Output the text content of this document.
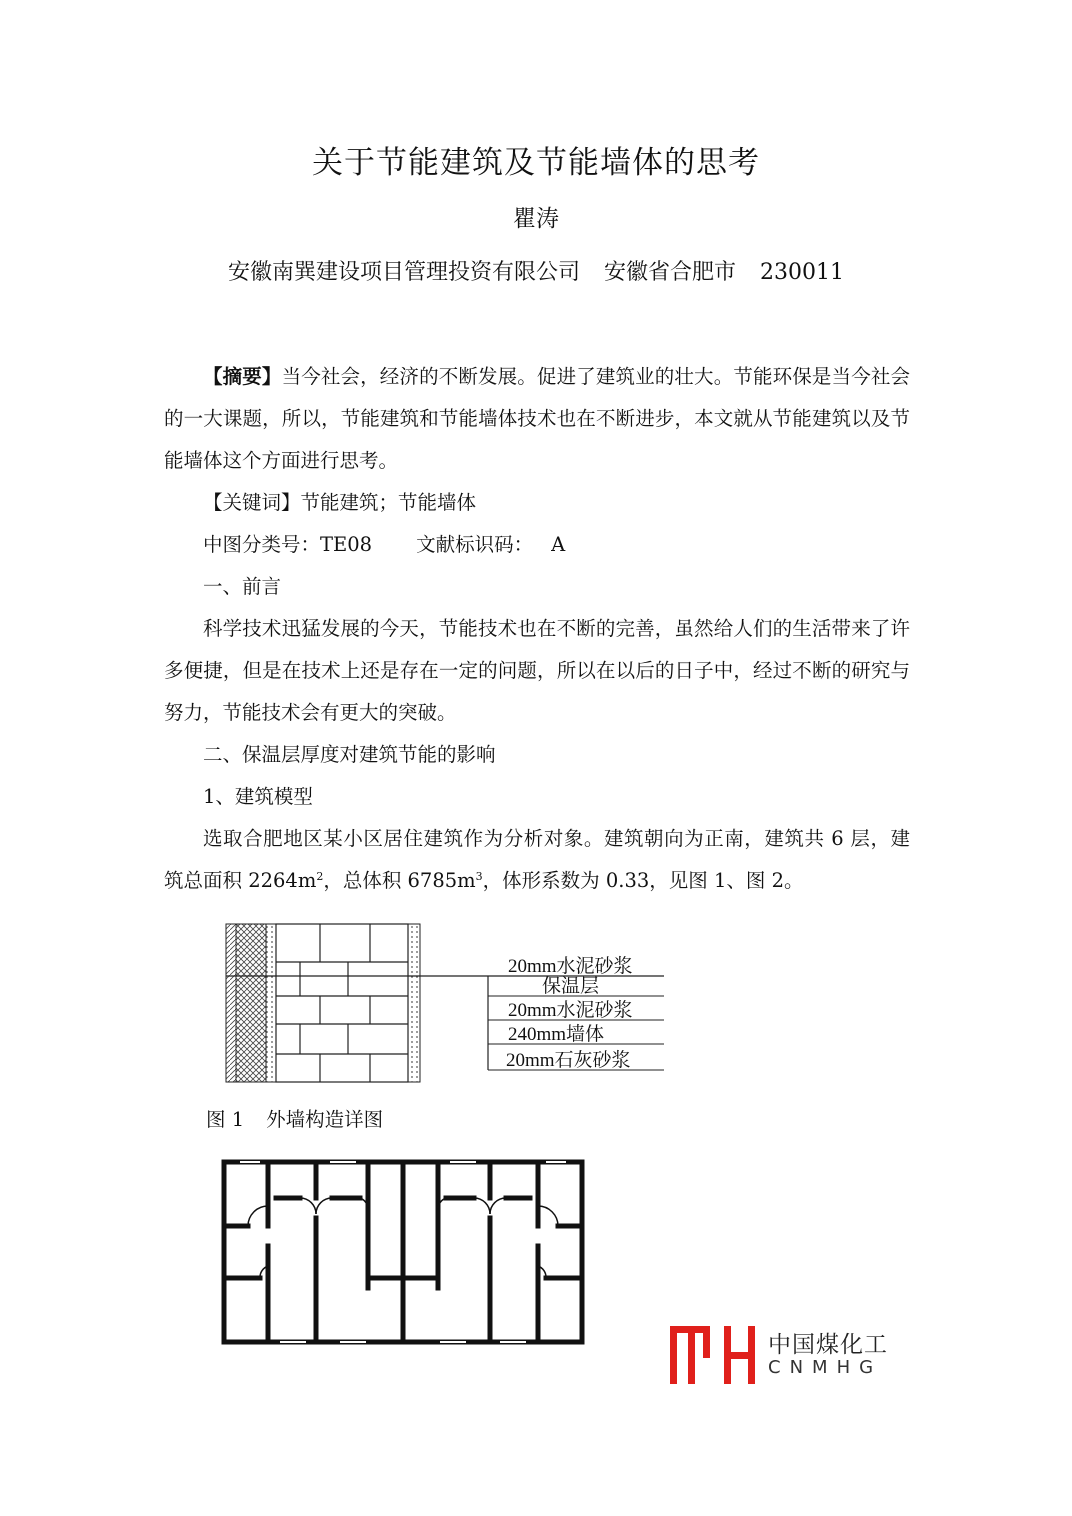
关于节能建筑及节能墙体的思考
瞿涛
安徽南巽建设项目管理投资有限公司 安徽省合肥市 230011

【摘要】当今社会，经济的不断发展。促进了建筑业的壮大。节能环保是当今社会的一大课题，所以，节能建筑和节能墙体技术也在不断进步，本文就从节能建筑以及节能墙体这个方面进行思考。

【关键词】节能建筑；节能墙体

中图分类号：TE08 文献标识码： A

一、前言

科学技术迅猛发展的今天，节能技术也在不断的完善，虽然给人们的生活带来了许多便捷，但是在技术上还是存在一定的问题，所以在以后的日子中，经过不断的研究与努力，节能技术会有更大的突破。

二、保温层厚度对建筑节能的影响

1、建筑模型

选取合肥地区某小区居住建筑作为分析对象。建筑朝向为正南，建筑共 6 层，建筑总面积 $2264m^2$，总体积 $6785m^3$，体形系数为 0.33，见图 1、图 2。

20mm水泥砂浆
保温层
20mm水泥砂浆
240mm墙体
20mm石灰砂浆
图 1 外墙构造详图
中国煤化工
CNMHG
